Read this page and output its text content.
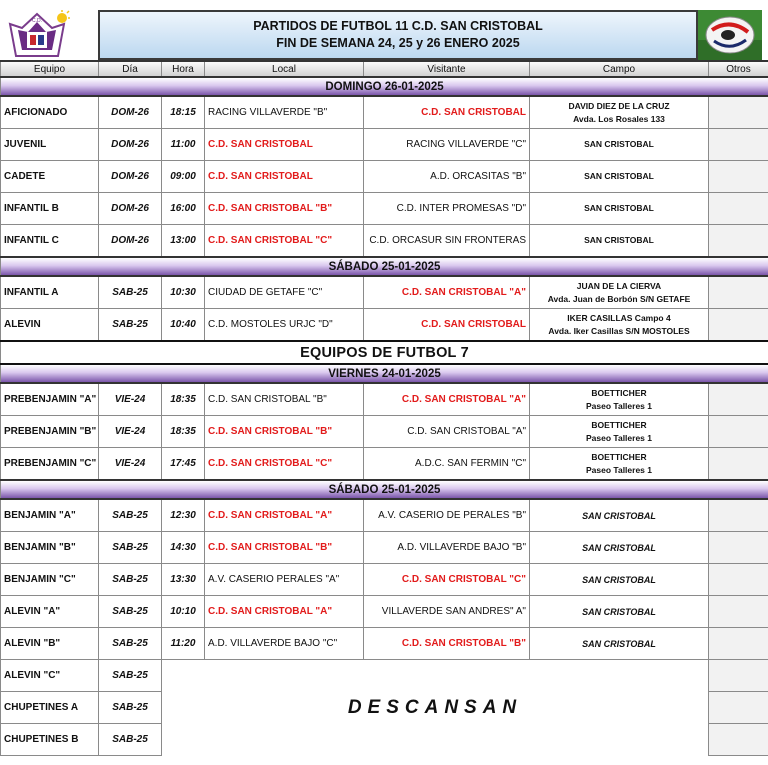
C.D.	PARTIDOS DE FUTBOL 11 C.D. SAN CRISTOBAL
FIN DE SEMANA 24, 25 y 26 ENERO 2025
Equipo	Día	Hora	Local	Visitante	Campo	Otros
DOMINGO 26-01-2025						
AFICIONADO	DOM-26	18:15	RACING VILLAVERDE "B"	C.D. SAN CRISTOBAL	DAVID DIEZ DE LA CRUZ
Avda. Los Rosales 133	

JUVENIL	DOM-26	11:00	C.D. SAN CRISTOBAL	RACING VILLAVERDE "C"	SAN CRISTOBAL	
CADETE	DOM-26	09:00	C.D. SAN CRISTOBAL	A.D. ORCASITAS "B"	SAN CRISTOBAL	
INFANTIL B	DOM-26	16:00	C.D. SAN CRISTOBAL "B"	C.D. INTER PROMESAS "D"	SAN CRISTOBAL	
INFANTIL C	DOM-26	13:00	C.D. SAN CRISTOBAL "C"	C.D. ORCASUR SIN FRONTERAS	SAN CRISTOBAL	
SÁBADO 25-01-2025						
INFANTIL A	SAB-25	10:30	CIUDAD DE GETAFE "C"	C.D. SAN CRISTOBAL "A"	JUAN DE LA CIERVA
Avda. Juan de Borbón S/N GETAFE	

ALEVIN	SAB-25	10:40	C.D. MOSTOLES URJC "D"	C.D. SAN CRISTOBAL	IKER CASILLAS Campo 4
Avda. Iker Casillas S/N MOSTOLES	

EQUIPOS DE FUTBOL 7						
VIERNES 24-01-2025						
PREBENJAMIN "A"	VIE-24	18:35	C.D. SAN CRISTOBAL "B"	C.D. SAN CRISTOBAL "A"	BOETTICHER
Paseo Talleres 1	

PREBENJAMIN "B"	VIE-24	18:35	C.D. SAN CRISTOBAL "B"	C.D. SAN CRISTOBAL "A"	BOETTICHER
Paseo Talleres 1	

PREBENJAMIN "C"	VIE-24	17:45	C.D. SAN CRISTOBAL "C"	A.D.C. SAN FERMIN "C"	BOETTICHER
Paseo Talleres 1	

SÁBADO 25-01-2025						
BENJAMIN "A"	SAB-25	12:30	C.D. SAN CRISTOBAL "A"	A.V. CASERIO DE PERALES "B"	SAN CRISTOBAL	
BENJAMIN "B"	SAB-25	14:30	C.D. SAN CRISTOBAL "B"	A.D. VILLAVERDE BAJO "B"	SAN CRISTOBAL	
BENJAMIN "C"	SAB-25	13:30	A.V. CASERIO PERALES "A"	C.D. SAN CRISTOBAL "C"	SAN CRISTOBAL	
ALEVIN "A"	SAB-25	10:10	C.D. SAN CRISTOBAL "A"	VILLAVERDE SAN ANDRES" A"	SAN CRISTOBAL	
ALEVIN "B"	SAB-25	11:20	A.D. VILLAVERDE BAJO "C"	C.D. SAN CRISTOBAL "B"	SAN CRISTOBAL	
ALEVIN "C"	SAB-25	DESCANSAN				
CHUPETINES A	SAB-25					
CHUPETINES B	SAB-25					
